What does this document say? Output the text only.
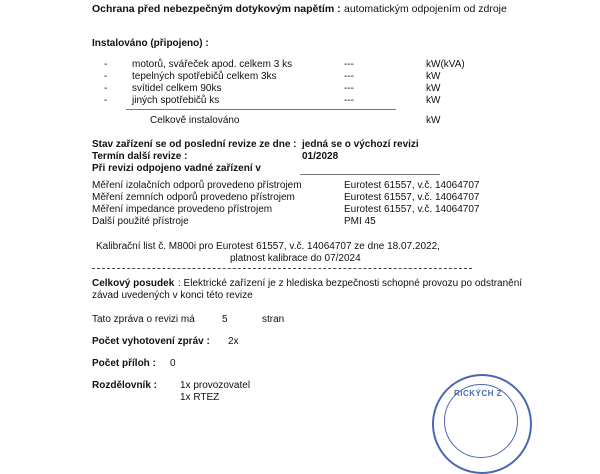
Ochrana před nebezpečným dotykovým napětím : automatickým odpojením od zdroje
Instalováno (připojeno) :
- motorů, svářeček apod. celkem 3 ks	---	kW(kVA)
- tepelných spotřebičů celkem 3ks	---	kW
- svítidel celkem 90ks	---	kW
- jiných spotřebičů ks	---	kW
Celkově instalováno	kW
Stav zařízení se od poslední revize ze dne : jedná se o výchozí revizi
Termín další revize :	01/2028
Při revizi odpojeno vadné zařízení v
Měření izolačních odporů provedeno přístrojem	Eurotest 61557, v.č. 14064707
Měření zemních odporů provedeno přístrojem	Eurotest 61557, v.č. 14064707
Měření impedance provedeno přístrojem	Eurotest 61557, v.č. 14064707
Další použité přístroje	PMI 45
Kalibrační list č. M800i pro Eurotest 61557, v.č. 14064707 ze dne 18.07.2022,
platnost kalibrace do 07/2024
Celkový posudek : Elektrické zařízení je z hlediska bezpečnosti schopné provozu po odstranění
závad uvedených v konci této revize
Tato zpráva o revizi má	5	stran
Počet vyhotovení zpráv : 2x
Počet příloh : 0
Rozdělovník : 1x provozovatel
1x RTEZ	RICKÝCH Z
